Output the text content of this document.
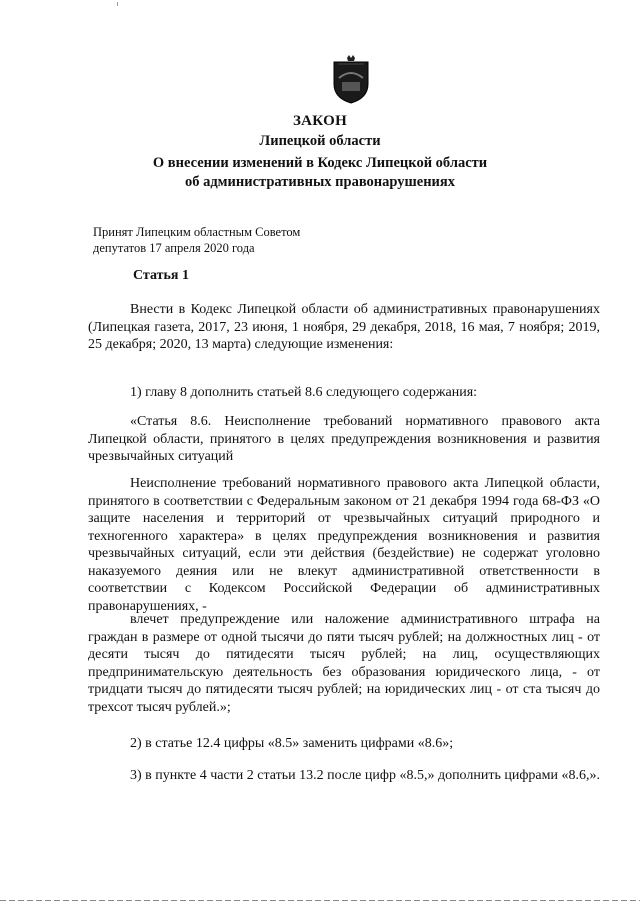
ЗАКОН
Липецкой области
О внесении изменений в Кодекс Липецкой области
об административных правонарушениях
Принят Липецким областным Советом
депутатов 17 апреля 2020 года
Статья 1
Внести в Кодекс Липецкой области об административных правонарушениях (Липецкая газета, 2017, 23 июня, 1 ноября, 29 декабря, 2018, 16 мая, 7 ноября; 2019, 25 декабря; 2020, 13 марта) следующие изменения:
1) главу 8 дополнить статьей 8.6 следующего содержания:
«Статья 8.6. Неисполнение требований нормативного правового акта Липецкой области, принятого в целях предупреждения возникновения и развития чрезвычайных ситуаций
Неисполнение требований нормативного правового акта Липецкой области, принятого в соответствии с Федеральным законом от 21 декабря 1994 года 68-ФЗ «О защите населения и территорий от чрезвычайных ситуаций природного и техногенного характера» в целях предупреждения возникновения и развития чрезвычайных ситуаций, если эти действия (бездействие) не содержат уголовно наказуемого деяния или не влекут административной ответственности в соответствии с Кодексом Российской Федерации об административных правонарушениях, -
влечет предупреждение или наложение административного штрафа на граждан в размере от одной тысячи до пяти тысяч рублей; на должностных лиц - от десяти тысяч до пятидесяти тысяч рублей; на лиц, осуществляющих предпринимательскую деятельность без образования юридического лица, - от тридцати тысяч до пятидесяти тысяч рублей; на юридических лиц - от ста тысяч до трехсот тысяч рублей.»;
2) в статье 12.4 цифры «8.5» заменить цифрами «8.6»;
3) в пункте 4 части 2 статьи 13.2 после цифр «8.5,» дополнить цифрами «8.6,».
